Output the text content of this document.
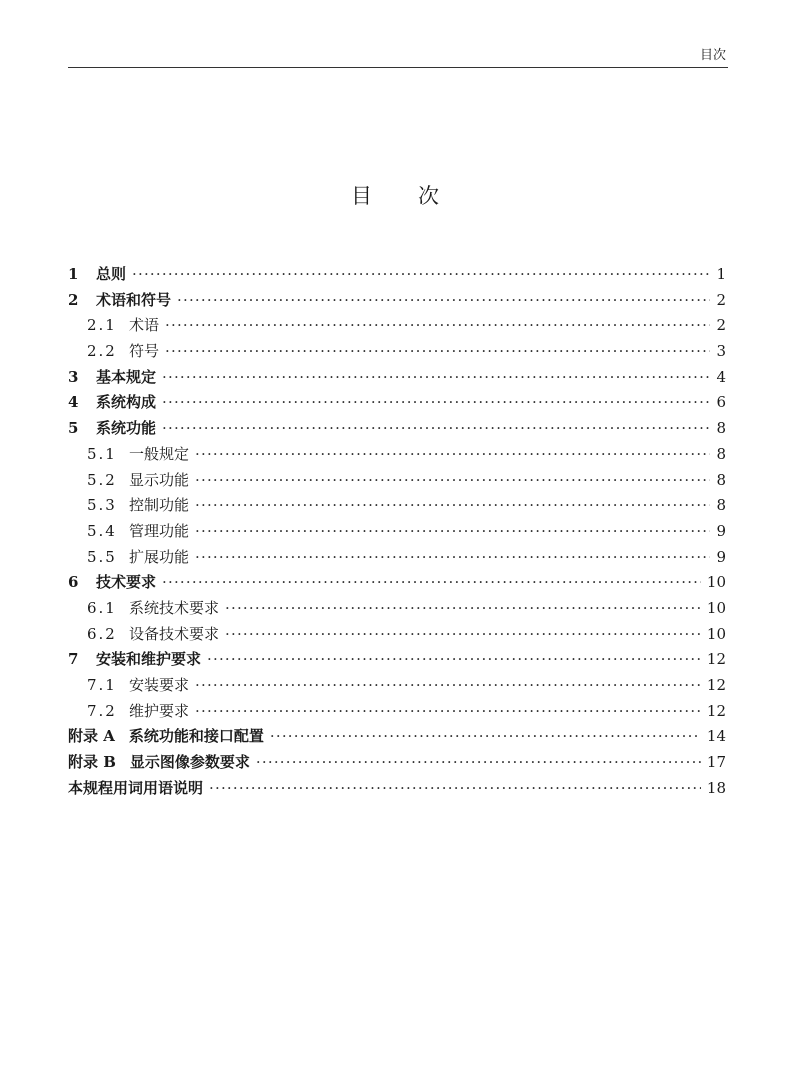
目次
目次
1 总则 ·····	1
2 术语和符号 ·····	2
2.1 术语 ·····	2
2.2 符号 ·····	3
3 基本规定 ·····	4
4 系统构成 ·····	6
5 系统功能 ·····	8
5.1 一般规定 ·····	8
5.2 显示功能 ·····	8
5.3 控制功能 ·····	8
5.4 管理功能 ·····	9
5.5 扩展功能 ·····	9
6 技术要求 ·····	10
6.1 系统技术要求 ·····	10
6.2 设备技术要求 ·····	10
7 安装和维护要求 ·····	12
7.1 安装要求 ·····	12
7.2 维护要求 ·····	12
附录 A 系统功能和接口配置 ·····	14
附录 B 显示图像参数要求 ·····	17
本规程用词用语说明 ·····	18
